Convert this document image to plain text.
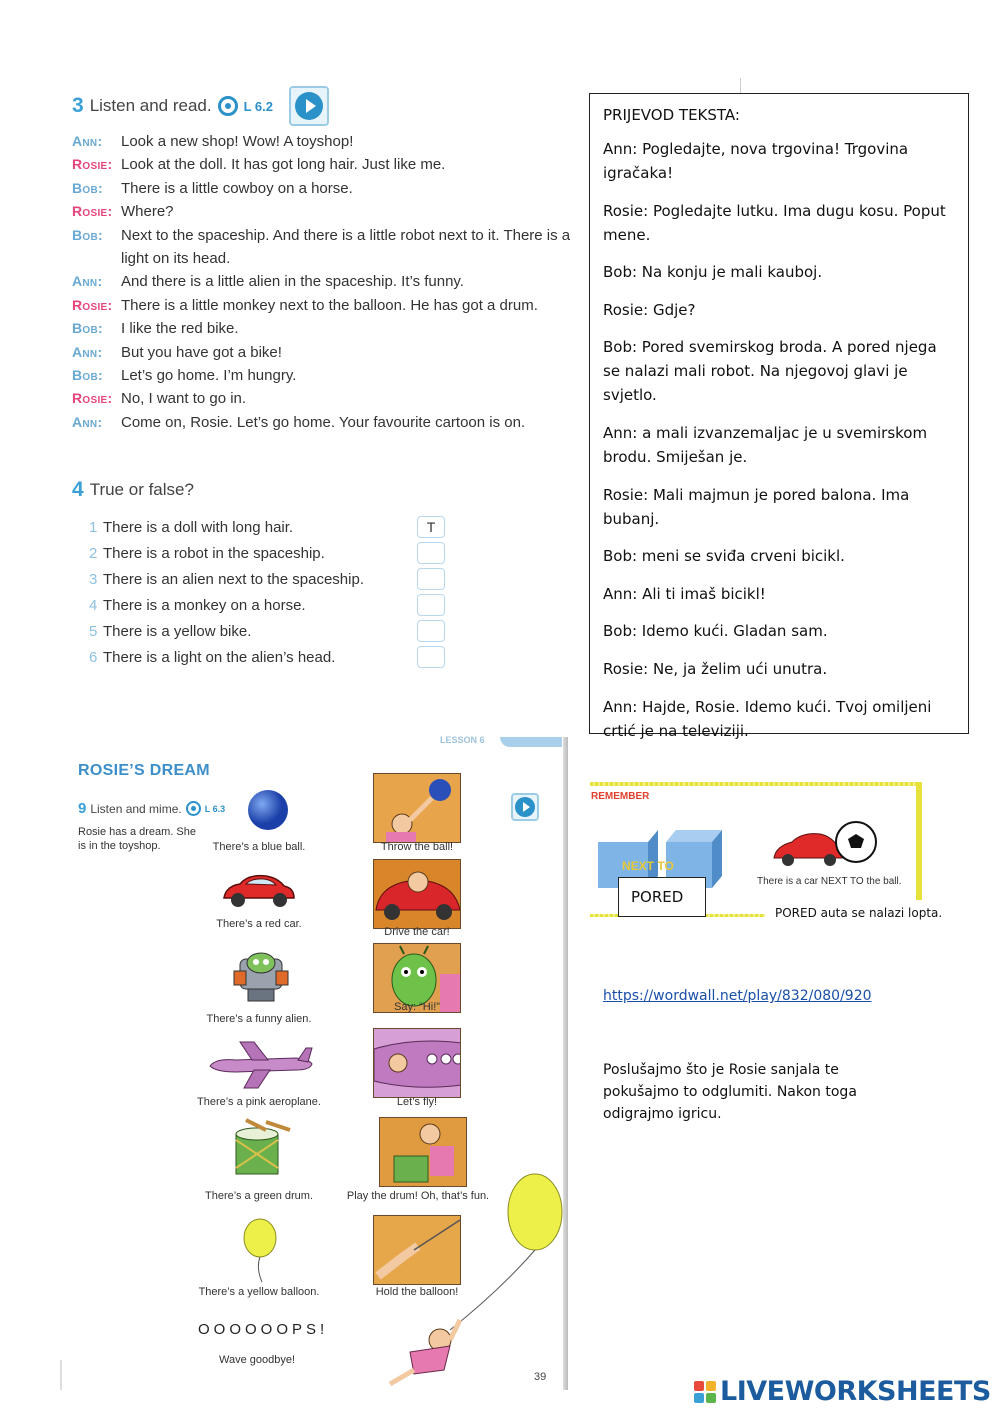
3 Listen and read. L 6.2
Ann:	Look a new shop! Wow! A toyshop!
Rosie: Look at the doll. It has got long hair. Just like me.
Bob:	There is a little cowboy on a horse.
Rosie: Where?
Bob:	Next to the spaceship. And there is a little robot next to it. There is a light on its head.
Ann:	And there is a little alien in the spaceship. It’s funny.
Rosie: There is a little monkey next to the balloon. He has got a drum.
Bob:	I like the red bike.
Ann:	But you have got a bike!
Bob:	Let’s go home. I’m hungry.
Rosie: No, I want to go in.
Ann:	Come on, Rosie. Let’s go home. Your favourite cartoon is on.
4 True or false?
1 There is a doll with long hair.	T
2 There is a robot in the spaceship.
3 There is an alien next to the spaceship.
4 There is a monkey on a horse.
5 There is a yellow bike.
6 There is a light on the alien’s head.

PRIJEVOD TEKSTA:

Ann: Pogledajte, nova trgovina! Trgovina igračaka!

Rosie: Pogledajte lutku. Ima dugu kosu. Poput mene.

Bob: Na konju je mali kauboj.

Rosie: Gdje?

Bob: Pored svemirskog broda. A pored njega se nalazi mali robot. Na njegovoj glavi je svjetlo.

Ann: a mali izvanzemaljac je u svemirskom brodu. Smiješan je.

Rosie: Mali majmun je pored balona. Ima bubanj.

Bob: meni se sviđa crveni bicikl.

Ann: Ali ti imaš bicikl!

Bob: Idemo kući. Gladan sam.

Rosie: Ne, ja želim ući unutra.

Ann: Hajde, Rosie. Idemo kući. Tvoj omiljeni crtić je na televiziji.

LESSON 6
ROSIE’S DREAM
9 Listen and mime.	L 6.3
Rosie has a dream. She is in the toyshop.	There’s a blue ball.	Throw the ball!
There’s a red car.
Drive the car!
There’s a funny alien.
Say: “Hi!”
There’s a pink aeroplane.	Let’s fly!
There’s a green drum.	Play the drum! Oh, that’s fun.
There’s a yellow balloon.	Hold the balloon!
OOOOOOPS!
Wave goodbye!
39
REMEMBER
NEXT TO
There is a car NEXT TO the ball.
PORED
PORED auta se nalazi lopta.
https://wordwall.net/play/832/080/920
Poslušajmo što je Rosie sanjala te pokušajmo to odglumiti. Nakon toga odigrajmo igricu.
LIVEWORKSHEETS
